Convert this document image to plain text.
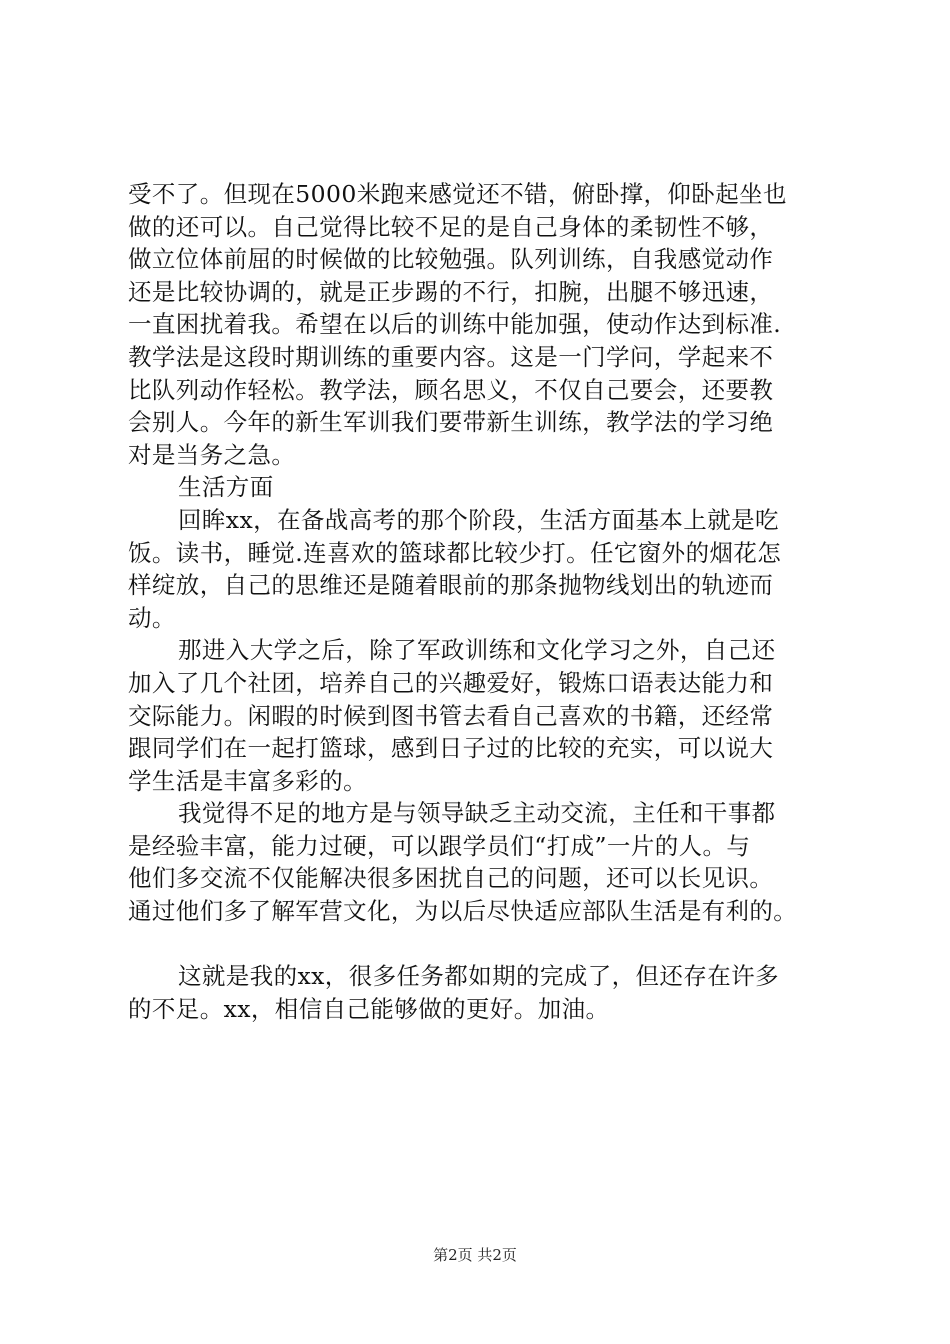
受不了。但现在5000米跑来感觉还不错，俯卧撑，仰卧起坐也
做的还可以。自己觉得比较不足的是自己身体的柔韧性不够，
做立位体前屈的时候做的比较勉强。队列训练，自我感觉动作
还是比较协调的，就是正步踢的不行，扣腕，出腿不够迅速，
一直困扰着我。希望在以后的训练中能加强，使动作达到标准.
教学法是这段时期训练的重要内容。这是一门学问，学起来不
比队列动作轻松。教学法，顾名思义，不仅自己要会，还要教
会别人。今年的新生军训我们要带新生训练，教学法的学习绝
对是当务之急。
生活方面
回眸xx，在备战高考的那个阶段，生活方面基本上就是吃
饭。读书，睡觉.连喜欢的篮球都比较少打。任它窗外的烟花怎
样绽放，自己的思维还是随着眼前的那条抛物线划出的轨迹而
动。
那进入大学之后，除了军政训练和文化学习之外，自己还
加入了几个社团，培养自己的兴趣爱好，锻炼口语表达能力和
交际能力。闲暇的时候到图书管去看自己喜欢的书籍，还经常
跟同学们在一起打篮球，感到日子过的比较的充实，可以说大
学生活是丰富多彩的。
我觉得不足的地方是与领导缺乏主动交流，主任和干事都
是经验丰富，能力过硬，可以跟学员们“打成”一片的人。与
他们多交流不仅能解决很多困扰自己的问题，还可以长见识。
通过他们多了解军营文化，为以后尽快适应部队生活是有利的。
这就是我的xx，很多任务都如期的完成了，但还存在许多
的不足。xx，相信自己能够做的更好。加油。
第2页 共2页
